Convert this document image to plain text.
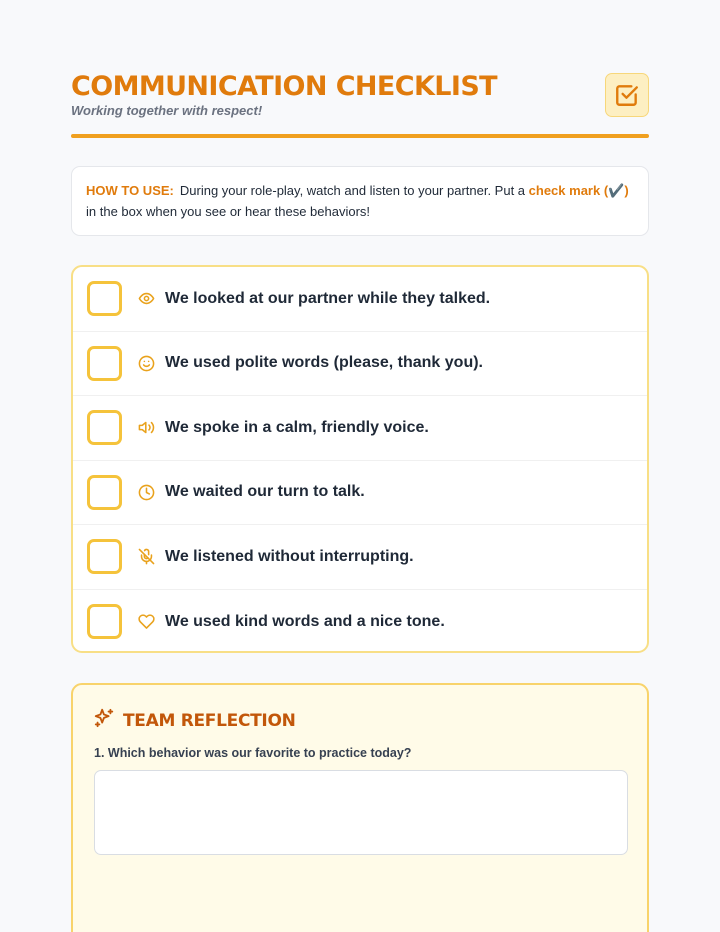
COMMUNICATION CHECKLIST
Working together with respect!
HOW TO USE: During your role-play, watch and listen to your partner. Put a check mark (✔️) in the box when you see or hear these behaviors!
We looked at our partner while they talked.
We used polite words (please, thank you).
We spoke in a calm, friendly voice.
We waited our turn to talk.
We listened without interrupting.
We used kind words and a nice tone.
TEAM REFLECTION
1. Which behavior was our favorite to practice today?
